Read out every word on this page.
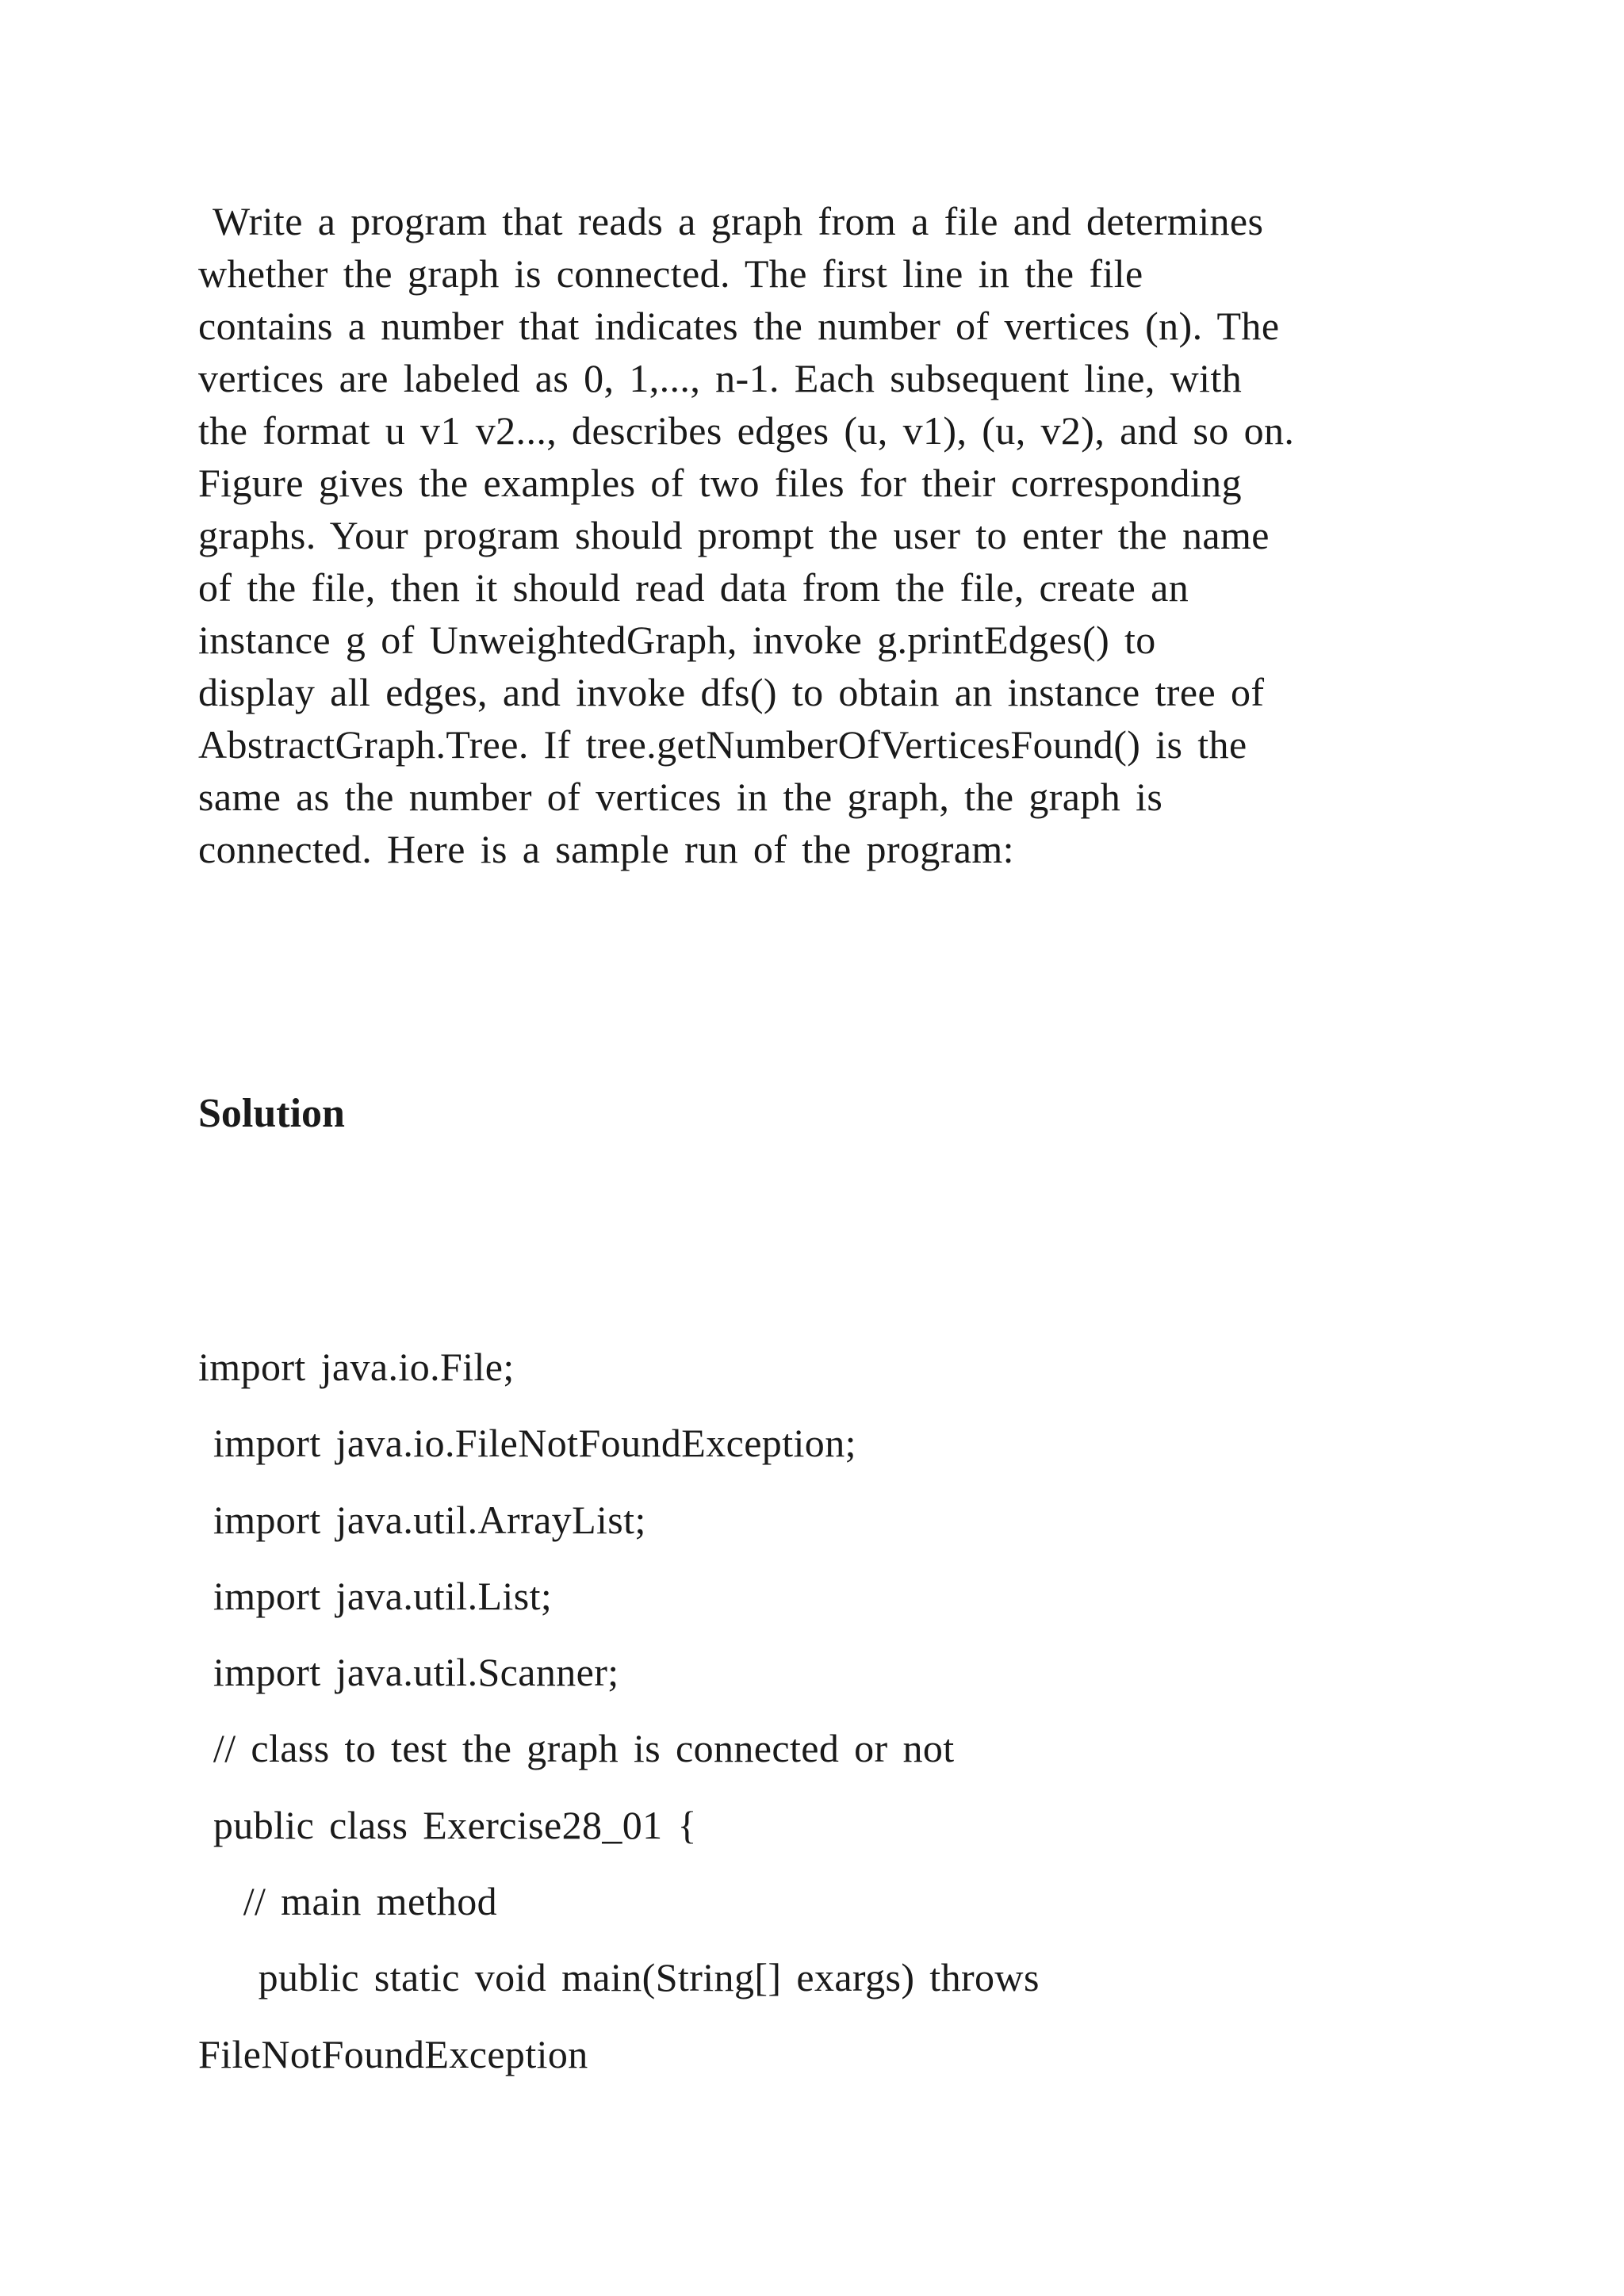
Write a program that reads a graph from a file and determines
whether the graph is connected. The first line in the file
contains a number that indicates the number of vertices (n). The
vertices are labeled as 0, 1,..., n-1. Each subsequent line, with
the format u v1 v2..., describes edges (u, v1), (u, v2), and so on.
Figure gives the examples of two files for their corresponding
graphs. Your program should prompt the user to enter the name
of the file, then it should read data from the file, create an
instance g of UnweightedGraph, invoke g.printEdges() to
display all edges, and invoke dfs() to obtain an instance tree of
AbstractGraph.Tree. If tree.getNumberOfVerticesFound() is the
same as the number of vertices in the graph, the graph is
connected. Here is a sample run of the program:
Solution
import java.io.File;
import java.io.FileNotFoundException;
import java.util.ArrayList;
import java.util.List;
import java.util.Scanner;
// class to test the graph is connected or not
public class Exercise28_01 {
// main method
public static void main(String[] exargs) throws
FileNotFoundException
